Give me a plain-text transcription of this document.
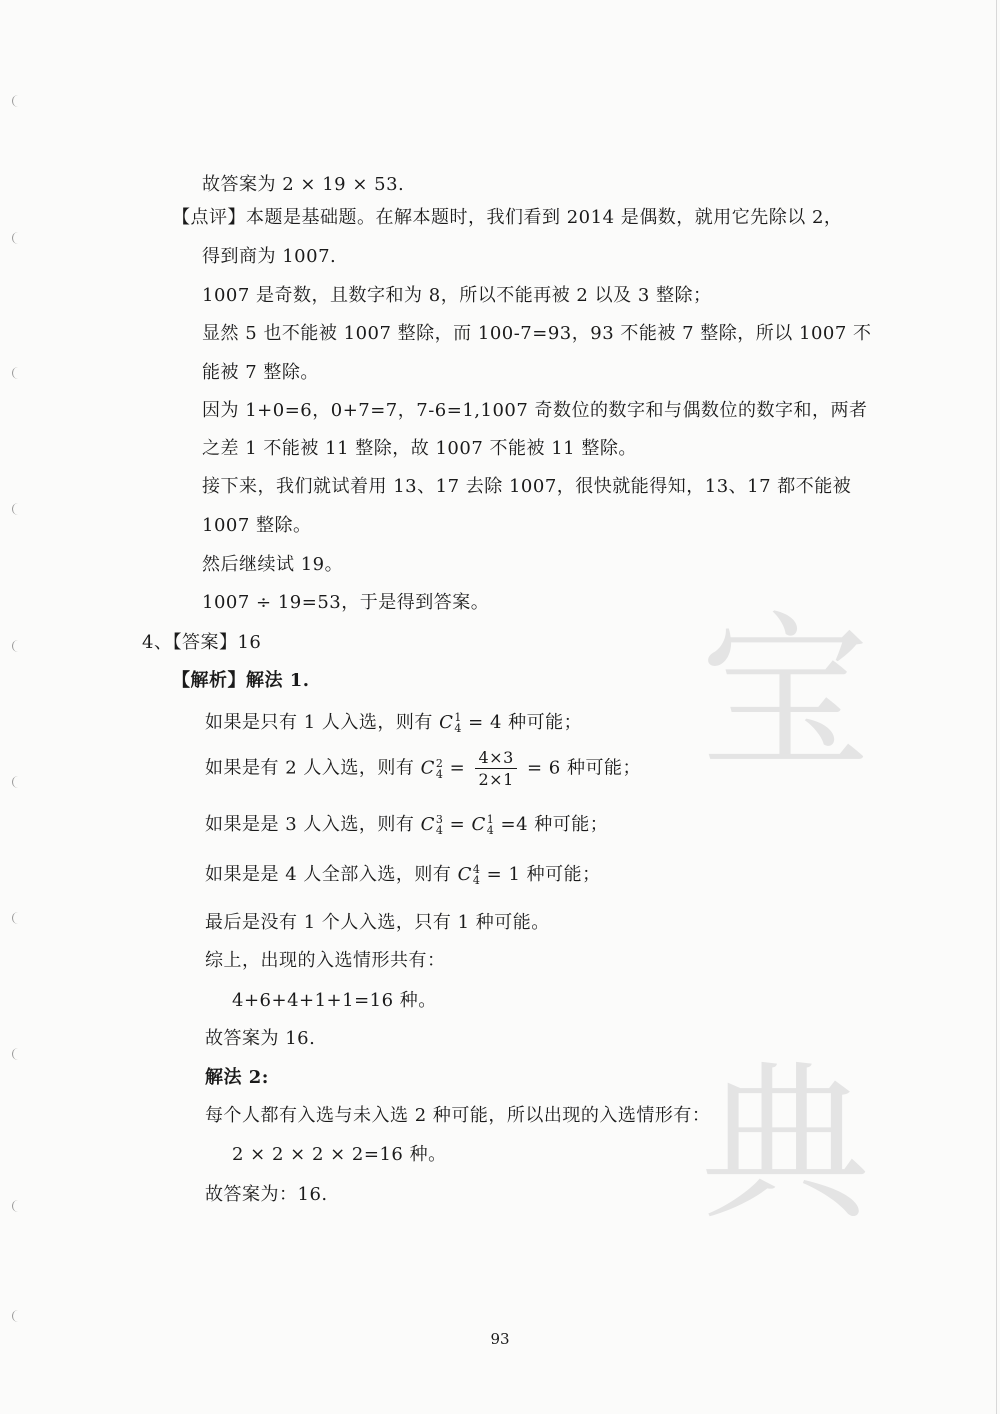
宝
典
故答案为 2 × 19 × 53.
【点评】本题是基础题。在解本题时，我们看到 2014 是偶数，就用它先除以 2，
得到商为 1007.
1007 是奇数，且数字和为 8，所以不能再被 2 以及 3 整除；
显然 5 也不能被 1007 整除，而 100-7=93，93 不能被 7 整除，所以 1007 不
能被 7 整除。
因为 1+0=6，0+7=7，7-6=1,1007 奇数位的数字和与偶数位的数字和，两者
之差 1 不能被 11 整除，故 1007 不能被 11 整除。
接下来，我们就试着用 13、17 去除 1007，很快就能得知，13、17 都不能被
1007 整除。
然后继续试 19。
1007 ÷ 19=53，于是得到答案。
4、【答案】16
【解析】解法 1.
如果是只有 1 人入选，则有 C 1
4 = 4 种可能；
如果是有 2 人入选，则有 C 2
$4 = \frac{4\times 3}{2\times 1} = 6$ 种可能；
如果是是 3 人入选，则有 C 3
4 = C 1
4 =4 种可能；
如果是是 4 人全部入选，则有 C 4
4 = 1 种可能；
最后是没有 1 个人入选，只有 1 种可能。
综上，出现的入选情形共有：
4+6+4+1+1=16 种。
故答案为 16.
解法 2:
每个人都有入选与未入选 2 种可能，所以出现的入选情形有：
2 × 2 × 2 × 2=16 种。
故答案为：16.
93
